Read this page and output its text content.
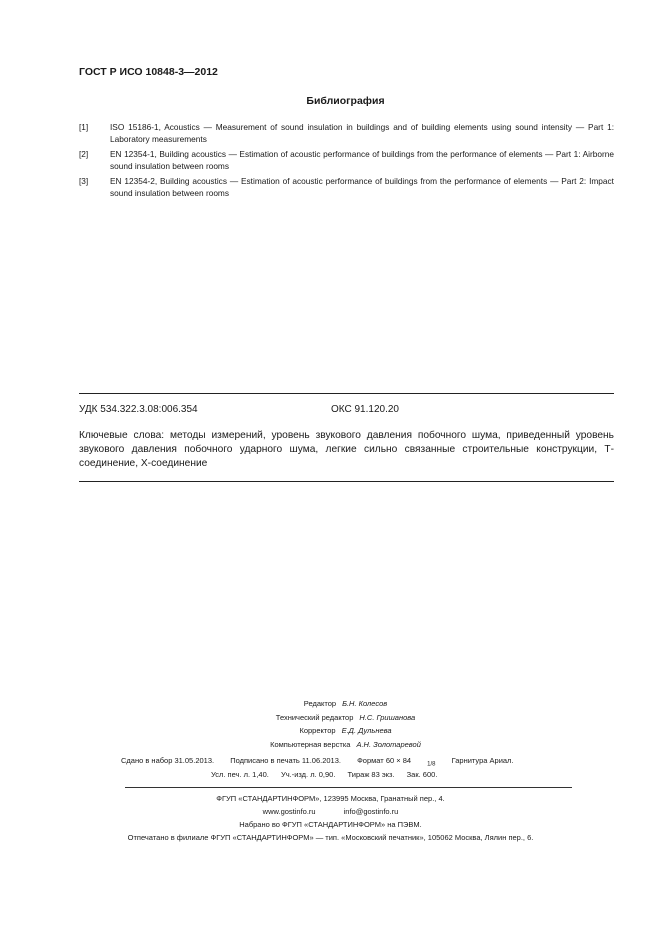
ГОСТ Р ИСО 10848-3—2012
Библиография
[1]	ISO 15186-1, Acoustics — Measurement of sound insulation in buildings and of building elements using sound intensity — Part 1: Laboratory measurements
[2]	EN 12354-1, Building acoustics — Estimation of acoustic performance of buildings from the performance of elements — Part 1: Airborne sound insulation between rooms
[3]	EN 12354-2, Building acoustics — Estimation of acoustic performance of buildings from the performance of elements — Part 2: Impact sound insulation between rooms
УДК 534.322.3.08:006.354	ОКС 91.120.20
Ключевые слова: методы измерений, уровень звукового давления побочного шума, приведенный уровень звукового давления побочного ударного шума, легкие сильно связанные строительные конструкции, Т-соединение, Х-соединение
Редактор Б.Н. Колесов
Технический редактор Н.С. Гришанова
Корректор Е.Д. Дульнева
Компьютерная верстка А.Н. Золотаревой
Сдано в набор 31.05.2013. Подписано в печать 11.06.2013. Формат 60 × 84	$_{1/8}$ Гарнитура Ариал.
Усл. печ. л. 1,40. Уч.-изд. л. 0,90. Тираж 83 экз. Зак. 600.
ФГУП «СТАНДАРТИНФОРМ», 123995 Москва, Гранатный пер., 4.
www.gostinfo.ru	info@gostinfo.ru
Набрано во ФГУП «СТАНДАРТИНФОРМ» на ПЭВМ.
Отпечатано в филиале ФГУП «СТАНДАРТИНФОРМ» — тип. «Московский печатник», 105062 Москва, Лялин пер., 6.
